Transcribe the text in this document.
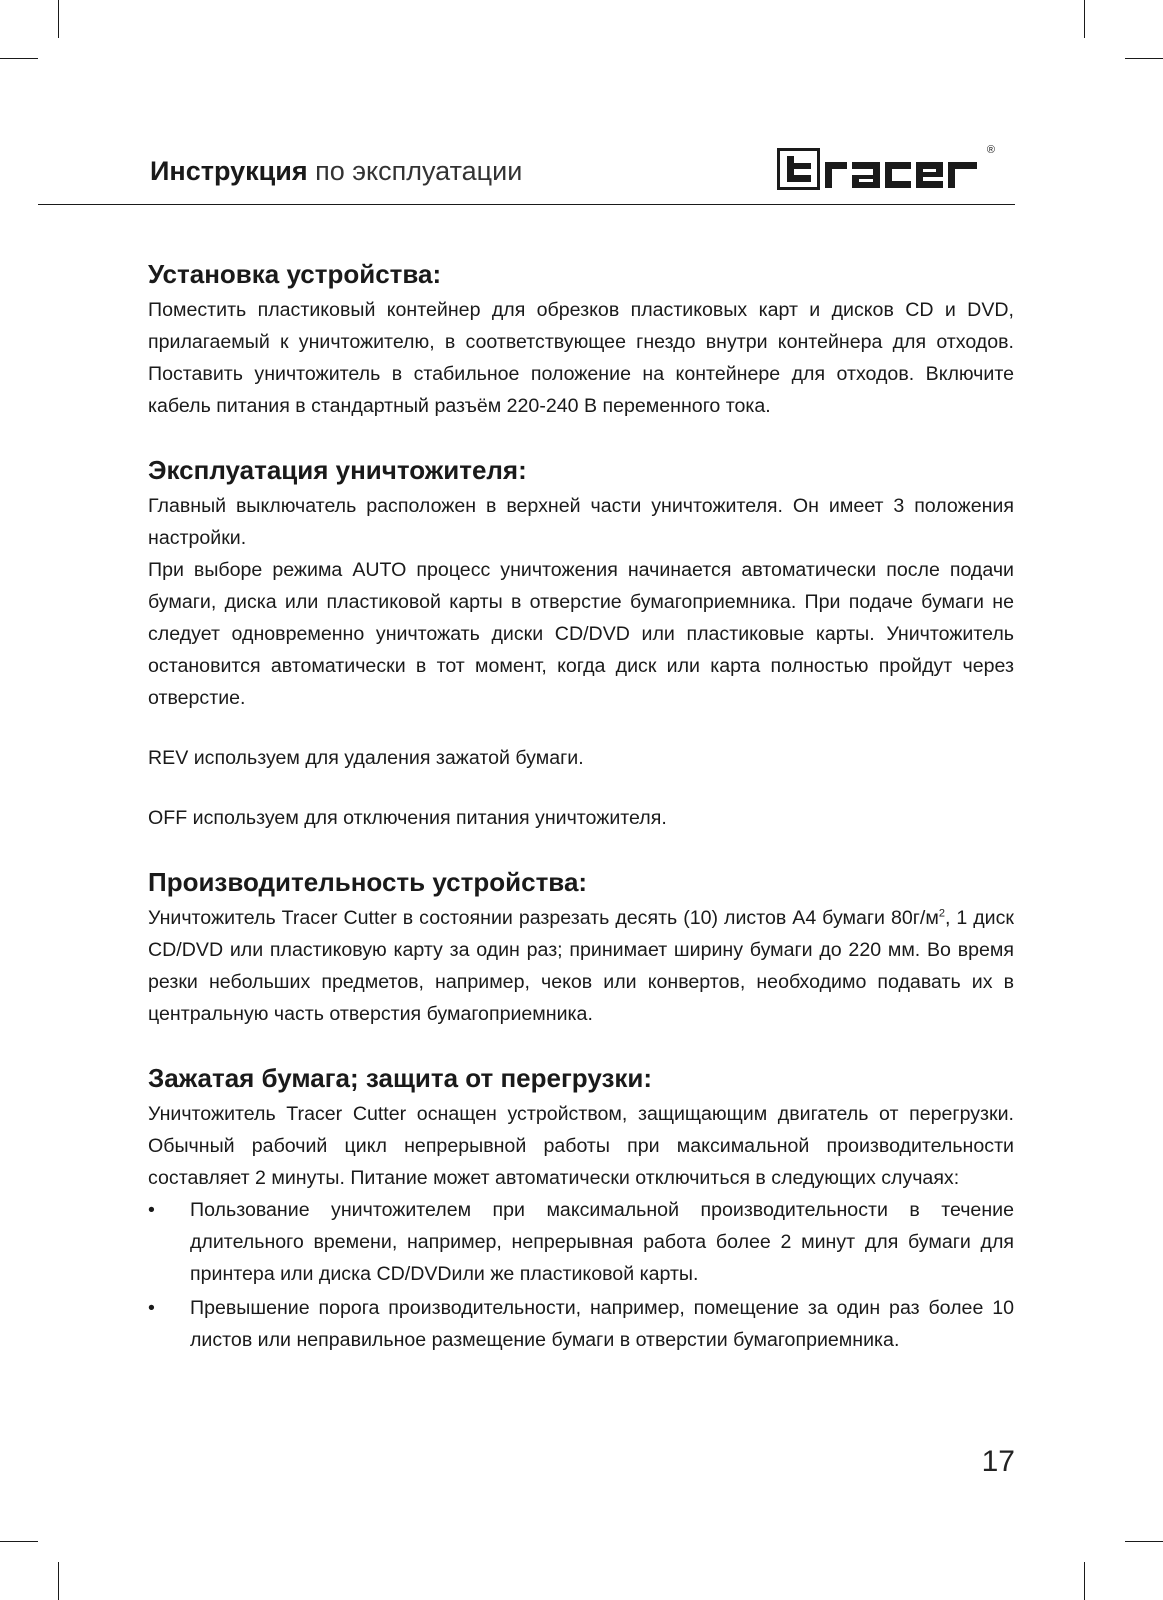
Инструкция по эксплуатации
®
Установка устройства:

Поместить пластиковый контейнер для обрезков пластиковых карт и дисков CD и DVD, прилагаемый к уничтожителю, в соответствующее гнездо внутри контейнера для отходов. Поставить уничтожитель в стабильное положение на контейнере для отходов. Включите кабель питания в стандартный разъём 220-240 В переменного тока.

Эксплуатация уничтожителя:

Главный выключатель расположен в верхней части уничтожителя. Он имеет 3 положения настройки.

При выборе режима AUTO процесс уничтожения начинается автоматически после подачи бумаги, диска или пластиковой карты в отверстие бумагоприемника. При подаче бумаги не следует одновременно уничтожать диски CD/DVD или пластиковые карты. Уничтожитель остановится автоматически в тот момент, когда диск или карта полностью пройдут через отверстие.

REV используем для удаления зажатой бумаги.

OFF используем для отключения питания уничтожителя.

Производительность устройства:

Уничтожитель Tracer Cutter в состоянии разрезать десять (10) листов A4 бумаги $80г/м^2$, 1 диск CD/DVD или пластиковую карту за один раз; принимает ширину бумаги до 220 мм. Во время резки небольших предметов, например, чеков или конвертов, необходимо подавать их в центральную часть отверстия бумагоприемника.

Зажатая бумага; защита от перегрузки:

Уничтожитель Tracer Cutter оснащен устройством, защищающим двигатель от перегрузки. Обычный рабочий цикл непрерывной работы при максимальной производительности составляет 2 минуты. Питание может автоматически отключиться в следующих случаях:

• Пользование уничтожителем при максимальной производительности в течение длительного времени, например, непрерывная работа более 2 минут для бумаги для принтера или диска CD/DVDили же пластиковой карты.
• Превышение порога производительности, например, помещение за один раз более 10 листов или неправильное размещение бумаги в отверстии бумагоприемника.
17
